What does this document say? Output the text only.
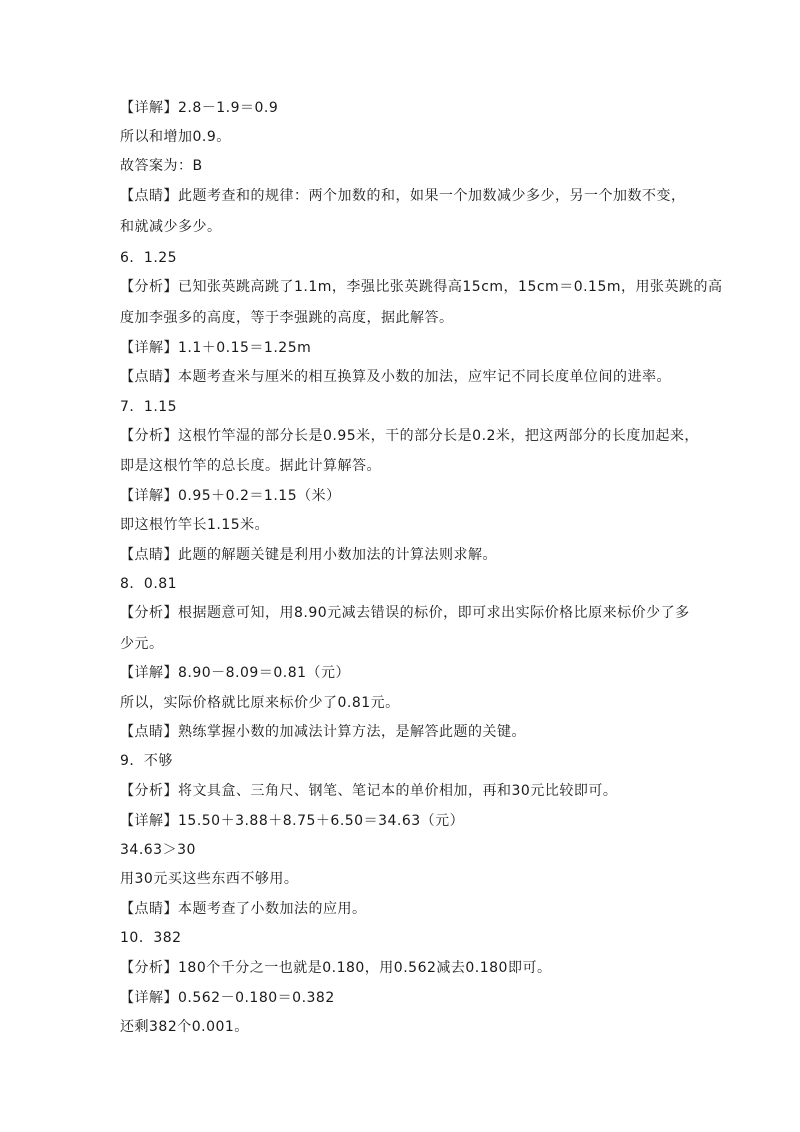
【详解】2.8－1.9＝0.9
所以和增加0.9。
故答案为：B
【点睛】此题考查和的规律：两个加数的和，如果一个加数减少多少，另一个加数不变，
和就减少多少。
6．1.25
【分析】已知张英跳高跳了1.1m，李强比张英跳得高15cm，15cm＝0.15m，用张英跳的高
度加李强多的高度，等于李强跳的高度，据此解答。
【详解】1.1＋0.15＝1.25m
【点睛】本题考查米与厘米的相互换算及小数的加法，应牢记不同长度单位间的进率。
7．1.15
【分析】这根竹竿湿的部分长是0.95米，干的部分长是0.2米，把这两部分的长度加起来，
即是这根竹竿的总长度。据此计算解答。
【详解】0.95＋0.2＝1.15（米）
即这根竹竿长1.15米。
【点睛】此题的解题关键是利用小数加法的计算法则求解。
8．0.81
【分析】根据题意可知，用8.90元减去错误的标价，即可求出实际价格比原来标价少了多
少元。
【详解】8.90－8.09＝0.81（元）
所以，实际价格就比原来标价少了0.81元。
【点睛】熟练掌握小数的加减法计算方法，是解答此题的关键。
9．不够
【分析】将文具盒、三角尺、钢笔、笔记本的单价相加，再和30元比较即可。
【详解】15.50＋3.88＋8.75＋6.50＝34.63（元）
34.63＞30
用30元买这些东西不够用。
【点睛】本题考查了小数加法的应用。
10．382
【分析】180个千分之一也就是0.180，用0.562减去0.180即可。
【详解】0.562－0.180＝0.382
还剩382个0.001。
